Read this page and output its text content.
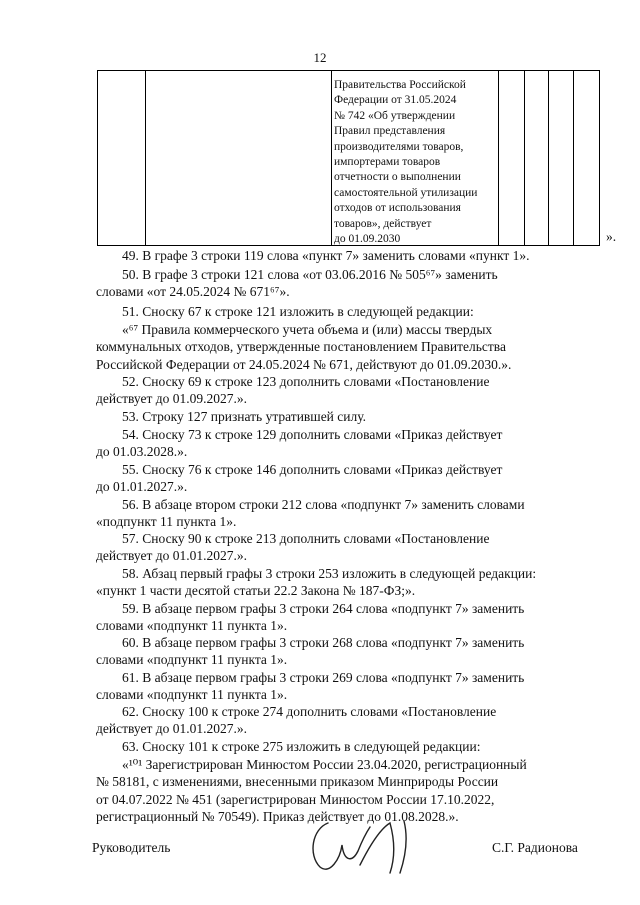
12
Правительства Российской
Федерации от 31.05.2024
№ 742 «Об утверждении
Правил представления
производителями товаров,
импортерами товаров
отчетности о выполнении
самостоятельной утилизации
отходов от использования
товаров», действует
до 01.09.2030	».
49. В графе 3 строки 119 слова «пункт 7» заменить словами «пункт 1».
50. В графе 3 строки 121 слова «от 03.06.2016 № 505⁶⁷» заменить
словами «от 24.05.2024 № 671⁶⁷».
51. Сноску 67 к строке 121 изложить в следующей редакции:
«⁶⁷ Правила коммерческого учета объема и (или) массы твердых
коммунальных отходов, утвержденные постановлением Правительства
Российской Федерации от 24.05.2024 № 671, действуют до 01.09.2030.».
52. Сноску 69 к строке 123 дополнить словами «Постановление
действует до 01.09.2027.».
53. Строку 127 признать утратившей силу.
54. Сноску 73 к строке 129 дополнить словами «Приказ действует
до 01.03.2028.».
55. Сноску 76 к строке 146 дополнить словами «Приказ действует
до 01.01.2027.».
56. В абзаце втором строки 212 слова «подпункт 7» заменить словами
«подпункт 11 пункта 1».
57. Сноску 90 к строке 213 дополнить словами «Постановление
действует до 01.01.2027.».
58. Абзац первый графы 3 строки 253 изложить в следующей редакции:
«пункт 1 части десятой статьи 22.2 Закона № 187-ФЗ;».
59. В абзаце первом графы 3 строки 264 слова «подпункт 7» заменить
словами «подпункт 11 пункта 1».
60. В абзаце первом графы 3 строки 268 слова «подпункт 7» заменить
словами «подпункт 11 пункта 1».
61. В абзаце первом графы 3 строки 269 слова «подпункт 7» заменить
словами «подпункт 11 пункта 1».
62. Сноску 100 к строке 274 дополнить словами «Постановление
действует до 01.01.2027.».
63. Сноску 101 к строке 275 изложить в следующей редакции:
«¹⁰¹ Зарегистрирован Минюстом России 23.04.2020, регистрационный
№ 58181, с изменениями, внесенными приказом Минприроды России
от 04.07.2022 № 451 (зарегистрирован Минюстом России 17.10.2022,
регистрационный № 70549). Приказ действует до 01.08.2028.».
Руководитель	С.Г. Радионова
